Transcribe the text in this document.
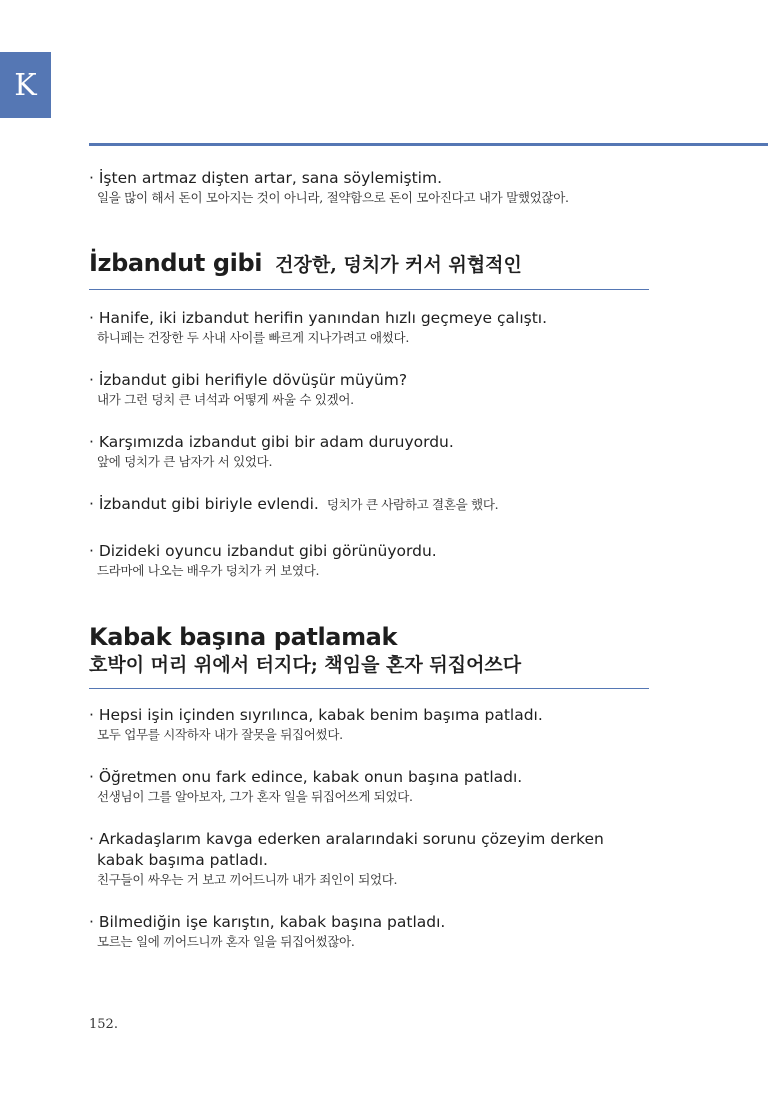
K
· İşten artmaz dişten artar, sana söylemiştim.
일을 많이 해서 돈이 모아지는 것이 아니라, 절약함으로 돈이 모아진다고 내가 말했었잖아.
İzbandut gibi 건장한, 덩치가 커서 위협적인
· Hanife, iki izbandut herifin yanından hızlı geçmeye çalıştı.
하니페는 건장한 두 사내 사이를 빠르게 지나가려고 애썼다.
· İzbandut gibi herifiyle dövüşür müyüm?
내가 그런 덩치 큰 녀석과 어떻게 싸울 수 있겠어.
· Karşımızda izbandut gibi bir adam duruyordu.
앞에 덩치가 큰 남자가 서 있었다.
· İzbandut gibi biriyle evlendi. 덩치가 큰 사람하고 결혼을 했다.
· Dizideki oyuncu izbandut gibi görünüyordu.
드라마에 나오는 배우가 덩치가 커 보였다.
Kabak başına patlamak
호박이 머리 위에서 터지다; 책임을 혼자 뒤집어쓰다
· Hepsi işin içinden sıyrılınca, kabak benim başıma patladı.
모두 업무를 시작하자 내가 잘못을 뒤집어썼다.
· Öğretmen onu fark edince, kabak onun başına patladı.
선생님이 그를 알아보자, 그가 혼자 일을 뒤집어쓰게 되었다.
· Arkadaşlarım kavga ederken aralarındaki sorunu çözeyim derken
kabak başıma patladı.
친구들이 싸우는 거 보고 끼어드니까 내가 죄인이 되었다.
· Bilmediğin işe karıştın, kabak başına patladı.
모르는 일에 끼어드니까 혼자 일을 뒤집어썼잖아.
152.
